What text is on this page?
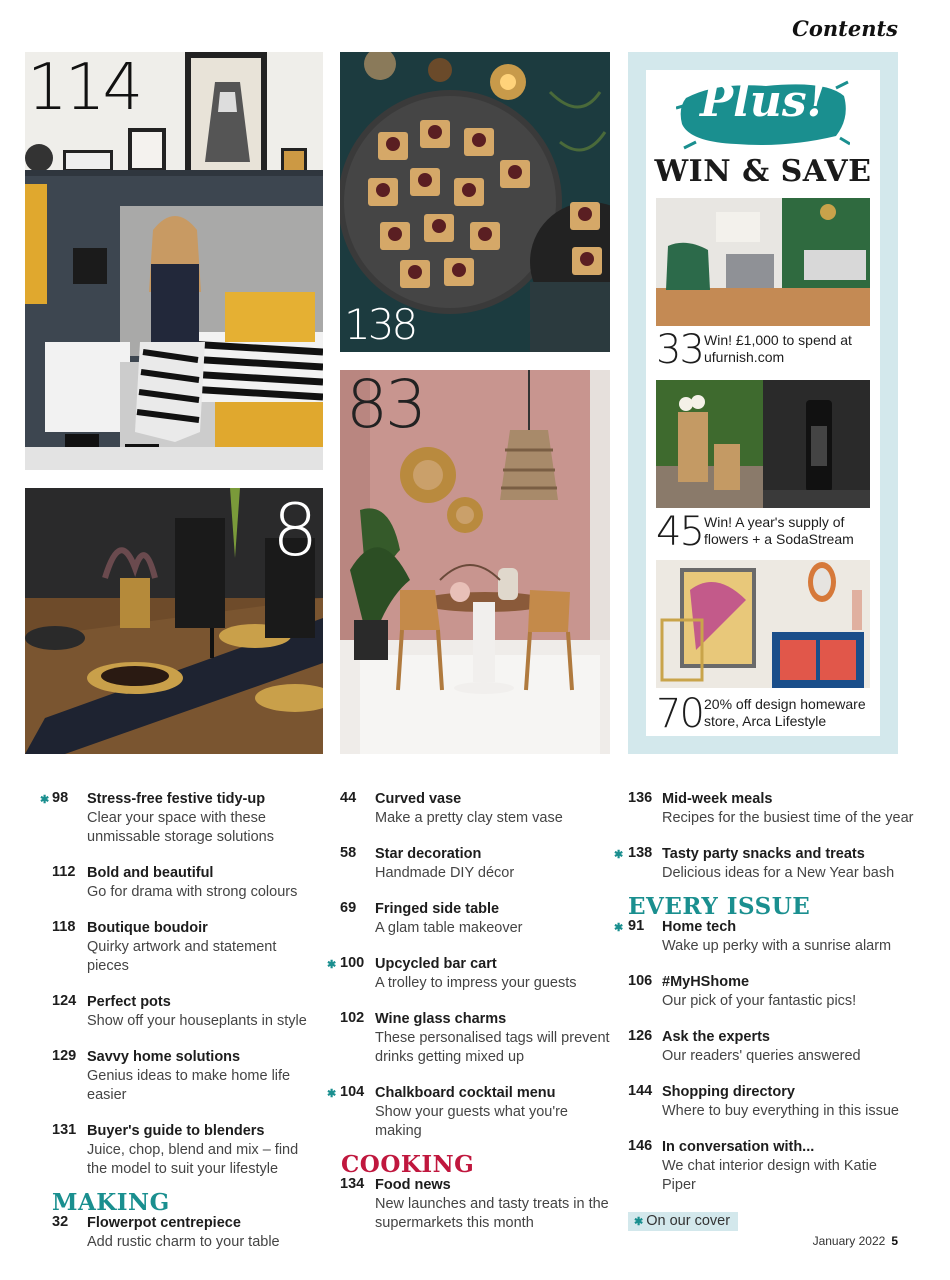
Contents
114
8
138
83
Plus!
WIN & SAVE
33 Win! £1,000 to spend at ufurnish.com
45 Win! A year's supply of flowers + a SodaStream
70 20% off design homeware store, Arca Lifestyle
✱ 98 Stress-free festive tidy-up
Clear your space with these unmissable storage solutions
112 Bold and beautiful
Go for drama with strong colours
118 Boutique boudoir
Quirky artwork and statement pieces
124 Perfect pots
Show off your houseplants in style
129 Savvy home solutions
Genius ideas to make home life easier
131 Buyer's guide to blenders
Juice, chop, blend and mix – find the model to suit your lifestyle
MAKING
32 Flowerpot centrepiece
Add rustic charm to your table
44 Curved vase
Make a pretty clay stem vase
58 Star decoration
Handmade DIY décor
69 Fringed side table
A glam table makeover
✱ 100 Upcycled bar cart
A trolley to impress your guests
102 Wine glass charms
These personalised tags will prevent drinks getting mixed up
✱ 104 Chalkboard cocktail menu
Show your guests what you're making
COOKING
134 Food news
New launches and tasty treats in the supermarkets this month
136 Mid-week meals
Recipes for the busiest time of the year
✱ 138 Tasty party snacks and treats
Delicious ideas for a New Year bash
EVERY ISSUE
✱ 91 Home tech
Wake up perky with a sunrise alarm
106 #MyHShome
Our pick of your fantastic pics!
126 Ask the experts
Our readers' queries answered
144 Shopping directory
Where to buy everything in this issue
146 In conversation with...
We chat interior design with Katie Piper
✱ On our cover
January 2022 5
